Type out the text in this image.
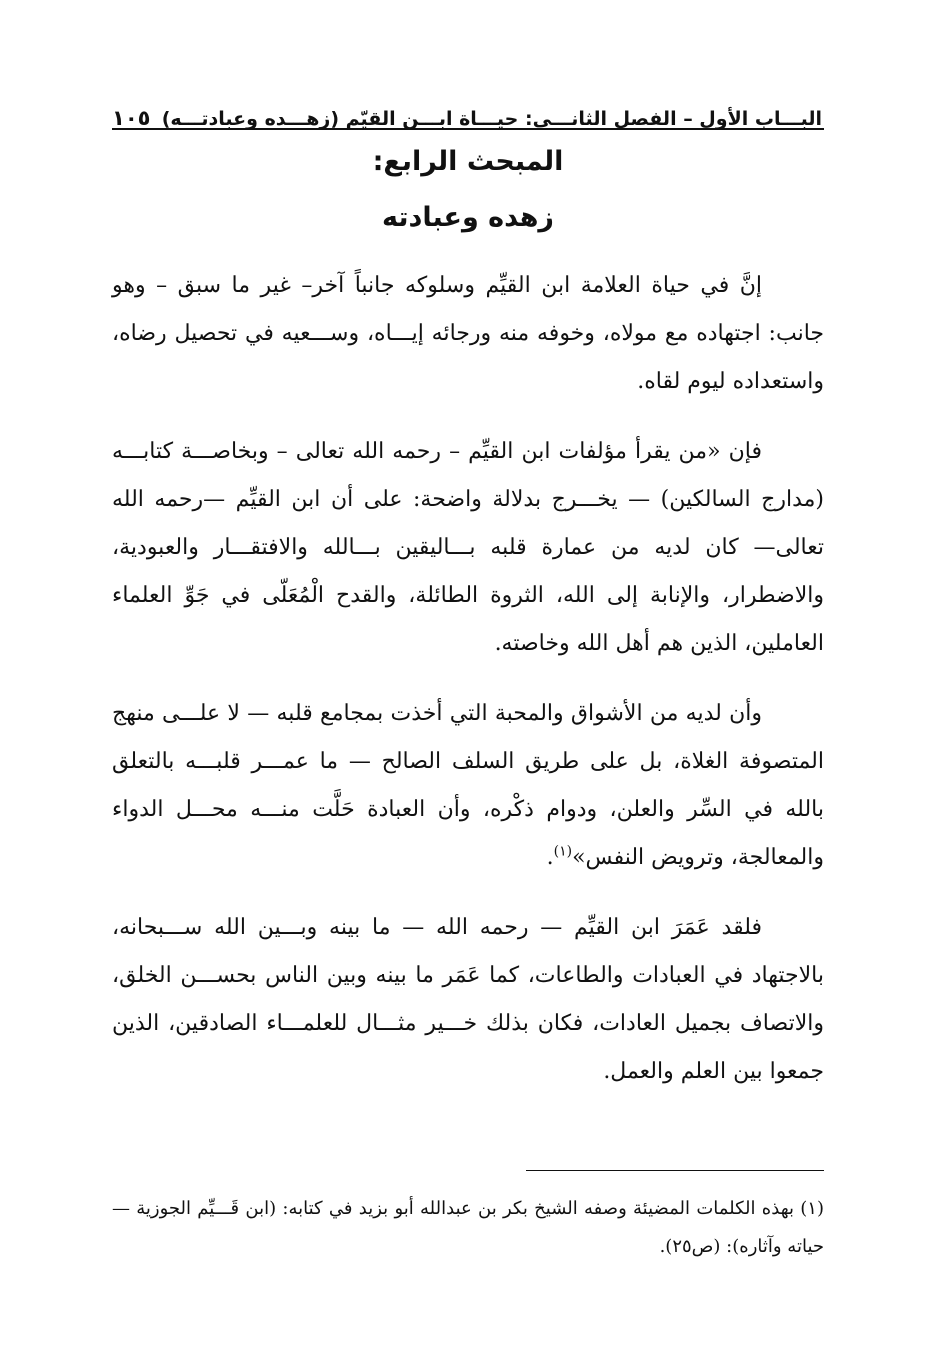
البـــاب الأول – الفصل الثانـــي: حيـــاة ابـــن القيّم (زهـــده وعبادتـــه)
١٠٥
المبحث الرابع:
زهده وعبادته

إنَّ في حياة العلامة ابن القيِّم وسلوكه جانباً آخر– غير ما سبق – وهو جانب: اجتهاده مع مولاه، وخوفه منه ورجائه إيـــاه، وســـعيه في تحصيل رضاه، واستعداده ليوم لقاه.

فإن «من يقرأ مؤلفات ابن القيِّم – رحمه الله تعالى – وبخاصـــة كتابـــه (مدارج السالكين) — يخـــرج بدلالة واضحة: على أن ابن القيِّم —رحمه الله تعالى— كان لديه من عمارة قلبه بـــاليقين بـــالله والافتقـــار والعبودية، والاضطرار، والإنابة إلى الله، الثروة الطائلة، والقدح الْمُعَلّى في جَوِّ العلماء العاملين، الذين هم أهل الله وخاصته.

وأن لديه من الأشواق والمحبة التي أخذت بمجامع قلبه — لا علـــى منهج المتصوفة الغلاة، بل على طريق السلف الصالح — ما عمـــر قلبـــه بالتعلق بالله في السِّر والعلن، ودوام ذكْره، وأن العبادة حَلَّت منـــه محـــل الدواء والمعالجة، وترويض النفس»$^{(١)}$.

فلقد عَمَرَ ابن القيِّم — رحمه الله — ما بينه وبـــين الله ســـبحانه، بالاجتهاد في العبادات والطاعات، كما عَمَر ما بينه وبين الناس بحســـن الخلق، والاتصاف بجميل العادات، فكان بذلك خـــير مثـــال للعلمـــاء الصادقين، الذين جمعوا بين العلم والعمل.

(١) بهذه الكلمات المضيئة وصفه الشيخ بكر بن عبدالله أبو بزيد في كتابه: (ابن قَـــيِّم الجوزية — حياته وآثاره): (ص٢٥).
